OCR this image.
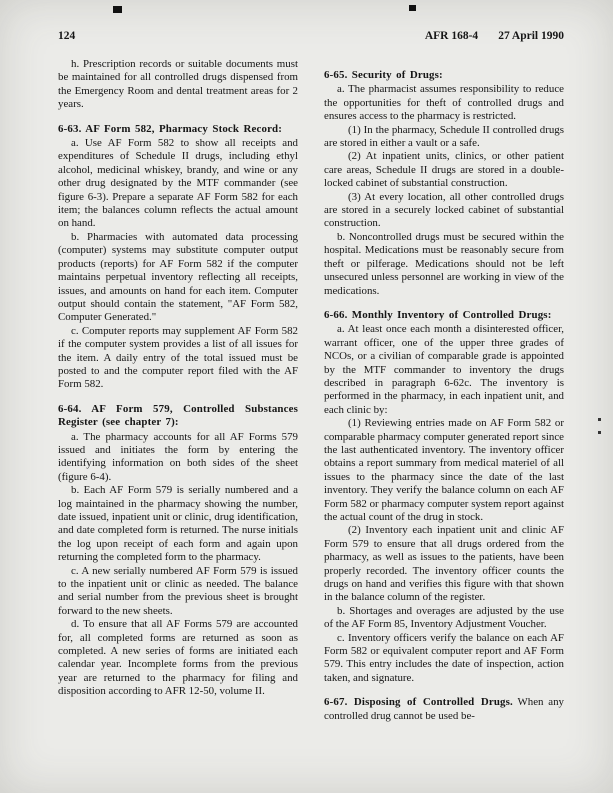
124	AFR 168-4 27 April 1990

h. Prescription records or suitable documents must be maintained for all controlled drugs dispensed from the Emergency Room and dental treatment areas for 2 years.

6-63. AF Form 582, Pharmacy Stock Record:

a. Use AF Form 582 to show all receipts and expenditures of Schedule II drugs, including ethyl alcohol, medicinal whiskey, brandy, and wine or any other drug designated by the MTF commander (see figure 6-3). Prepare a separate AF Form 582 for each item; the balances column reflects the actual amount on hand.

b. Pharmacies with automated data processing (computer) systems may substitute computer output products (reports) for AF Form 582 if the computer maintains perpetual inventory reflecting all receipts, issues, and amounts on hand for each item. Computer output should contain the statement, "AF Form 582, Computer Generated."

c. Computer reports may supplement AF Form 582 if the computer system provides a list of all issues for the item. A daily entry of the total issued must be posted to and the computer report filed with the AF Form 582.

6-64. AF Form 579, Controlled Substances Register (see chapter 7):

a. The pharmacy accounts for all AF Forms 579 issued and initiates the form by entering the identifying information on both sides of the sheet (figure 6-4).

b. Each AF Form 579 is serially numbered and a log maintained in the pharmacy showing the number, date issued, inpatient unit or clinic, drug identification, and date completed form is returned. The nurse initials the log upon receipt of each form and again upon returning the completed form to the pharmacy.

c. A new serially numbered AF Form 579 is issued to the inpatient unit or clinic as needed. The balance and serial number from the previous sheet is brought forward to the new sheets.

d. To ensure that all AF Forms 579 are accounted for, all completed forms are returned as soon as completed. A new series of forms are initiated each calendar year. Incomplete forms from the previous year are returned to the pharmacy for filing and disposition according to AFR 12-50, volume II.

6-65. Security of Drugs:

a. The pharmacist assumes responsibility to reduce the opportunities for theft of controlled drugs and ensures access to the pharmacy is restricted.

(1) In the pharmacy, Schedule II controlled drugs are stored in either a vault or a safe.

(2) At inpatient units, clinics, or other patient care areas, Schedule II drugs are stored in a double-locked cabinet of substantial construction.

(3) At every location, all other controlled drugs are stored in a securely locked cabinet of substantial construction.

b. Noncontrolled drugs must be secured within the hospital. Medications must be reasonably secure from theft or pilferage. Medications should not be left unsecured unless personnel are working in view of the medications.

6-66. Monthly Inventory of Controlled Drugs:

a. At least once each month a disinterested officer, warrant officer, one of the upper three grades of NCOs, or a civilian of comparable grade is appointed by the MTF commander to inventory the drugs described in paragraph 6-62c. The inventory is performed in the pharmacy, in each inpatient unit, and each clinic by:

(1) Reviewing entries made on AF Form 582 or comparable pharmacy computer generated report since the last authenticated inventory. The inventory officer obtains a report summary from medical materiel of all issues to the pharmacy since the date of the last inventory. They verify the balance column on each AF Form 582 or pharmacy computer system report against the actual count of the drug in stock.

(2) Inventory each inpatient unit and clinic AF Form 579 to ensure that all drugs ordered from the pharmacy, as well as issues to the patients, have been properly recorded. The inventory officer counts the drugs on hand and verifies this figure with that shown in the balance column of the register.

b. Shortages and overages are adjusted by the use of the AF Form 85, Inventory Adjustment Voucher.

c. Inventory officers verify the balance on each AF Form 582 or equivalent computer report and AF Form 579. This entry includes the date of inspection, action taken, and signature.

6-67. Disposing of Controlled Drugs. When any controlled drug cannot be used be-
